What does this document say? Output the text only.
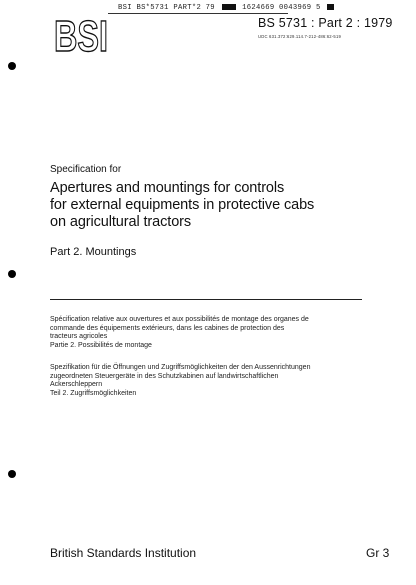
BSI BS*5731 PART*2 79	1624669 0043969 5
BSI	BS 5731 : Part 2 : 1979
UDC 631.372:629.114.7-212-486:62-519
Specification for
Apertures and mountings for controls
for external equipments in protective cabs
on agricultural tractors
Part 2. Mountings
Spécification relative aux ouvertures et aux possibilités de montage des organes de
commande des équipements extérieurs, dans les cabines de protection des
tracteurs agricoles
Partie 2. Possibilités de montage
Spezifikation für die Öffnungen und Zugriffsmöglichkeiten der den Aussenrichtungen
zugeordneten Steuergeräte in des Schutzkabinen auf landwirtschaftlichen
Ackerschleppern
Teil 2. Zugriffsmöglichkeiten
British Standards Institution	Gr 3
